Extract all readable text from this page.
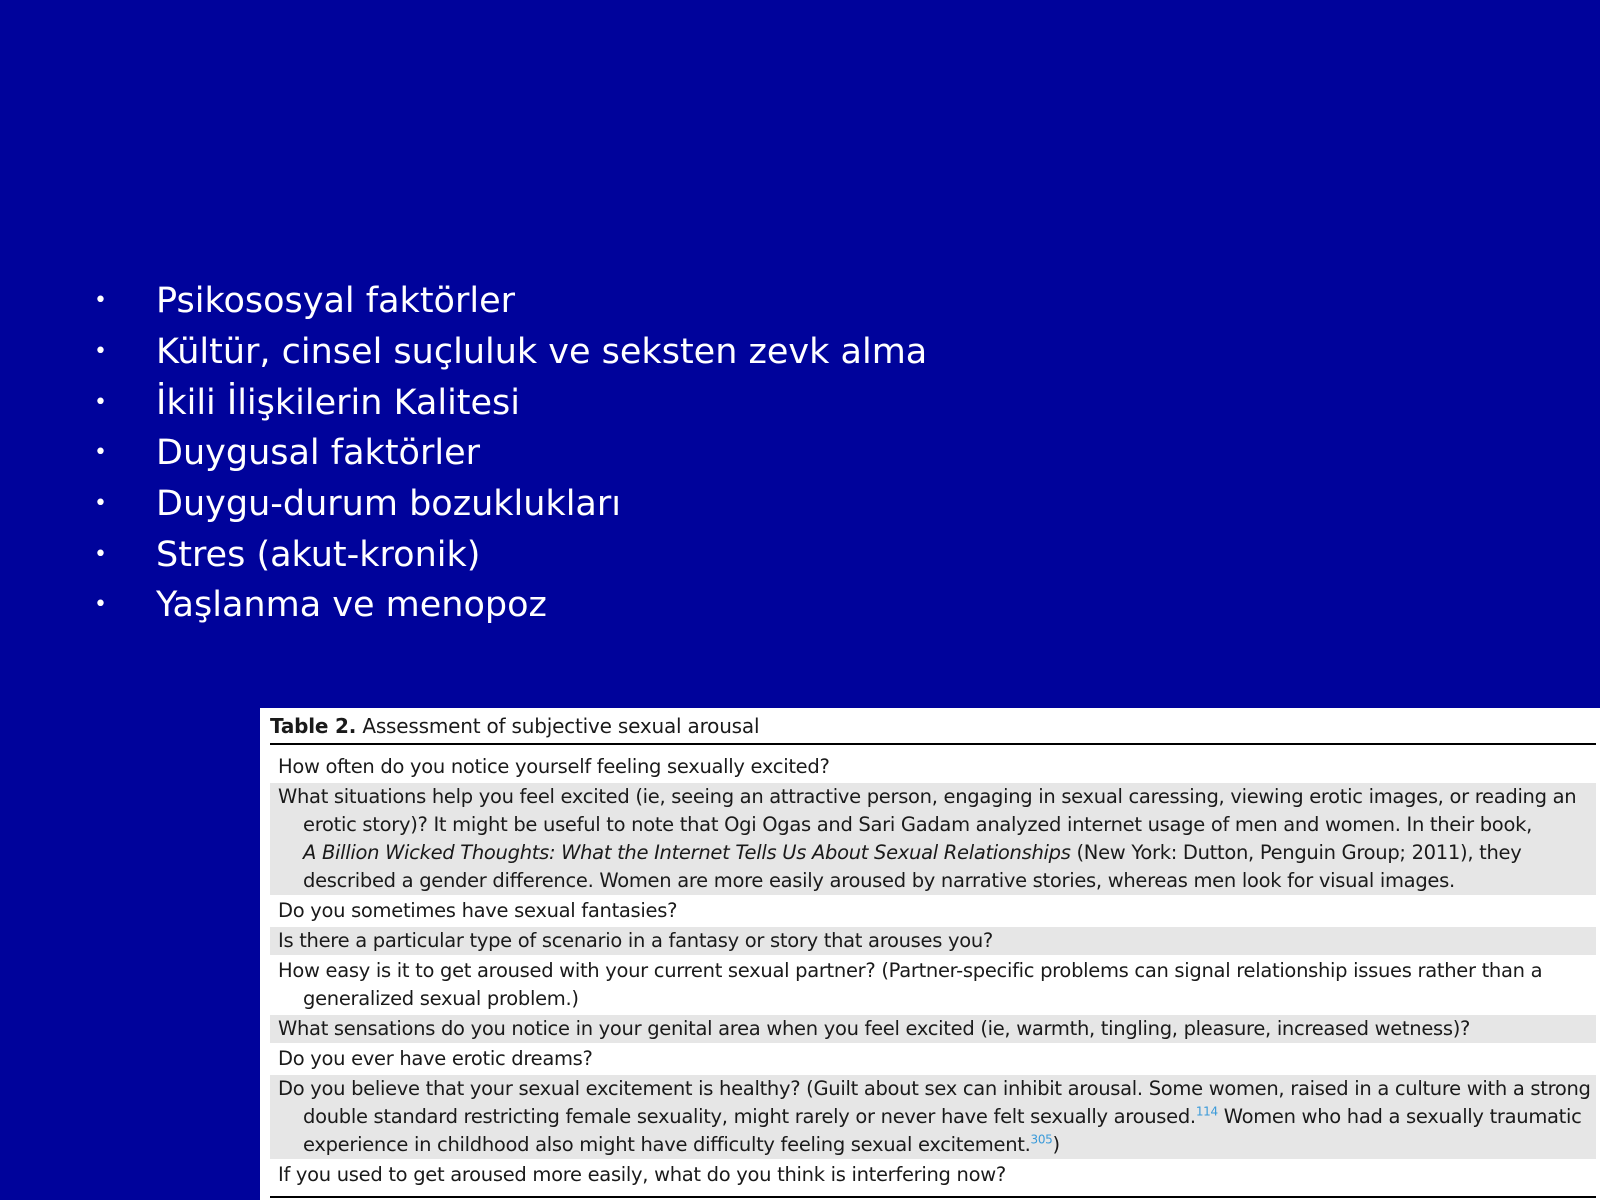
•	Psikososyal faktörler
•	Kültür, cinsel suçluluk ve seksten zevk alma
•	İkili İlişkilerin Kalitesi
•	Duygusal faktörler
•	Duygu-durum bozuklukları
•	Stres (akut-kronik)
•	Yaşlanma ve menopoz
Table 2. Assessment of subjective sexual arousal
How often do you notice yourself feeling sexually excited?
What situations help you feel excited (ie, seeing an attractive person, engaging in sexual caressing, viewing erotic images, or reading an
erotic story)? It might be useful to note that Ogi Ogas and Sari Gadam analyzed internet usage of men and women. In their book,
A Billion Wicked Thoughts: What the Internet Tells Us About Sexual Relationships (New York: Dutton, Penguin Group; 2011), they
described a gender difference. Women are more easily aroused by narrative stories, whereas men look for visual images.
Do you sometimes have sexual fantasies?
Is there a particular type of scenario in a fantasy or story that arouses you?
How easy is it to get aroused with your current sexual partner? (Partner-specific problems can signal relationship issues rather than a
generalized sexual problem.)
What sensations do you notice in your genital area when you feel excited (ie, warmth, tingling, pleasure, increased wetness)?
Do you ever have erotic dreams?
Do you believe that your sexual excitement is healthy? (Guilt about sex can inhibit arousal. Some women, raised in a culture with a strong
double standard restricting female sexuality, might rarely or never have felt sexually aroused.$^{114}$ Women who had a sexually traumatic
experience in childhood also might have difficulty feeling sexual excitement.$^{305}$)
If you used to get aroused more easily, what do you think is interfering now?
